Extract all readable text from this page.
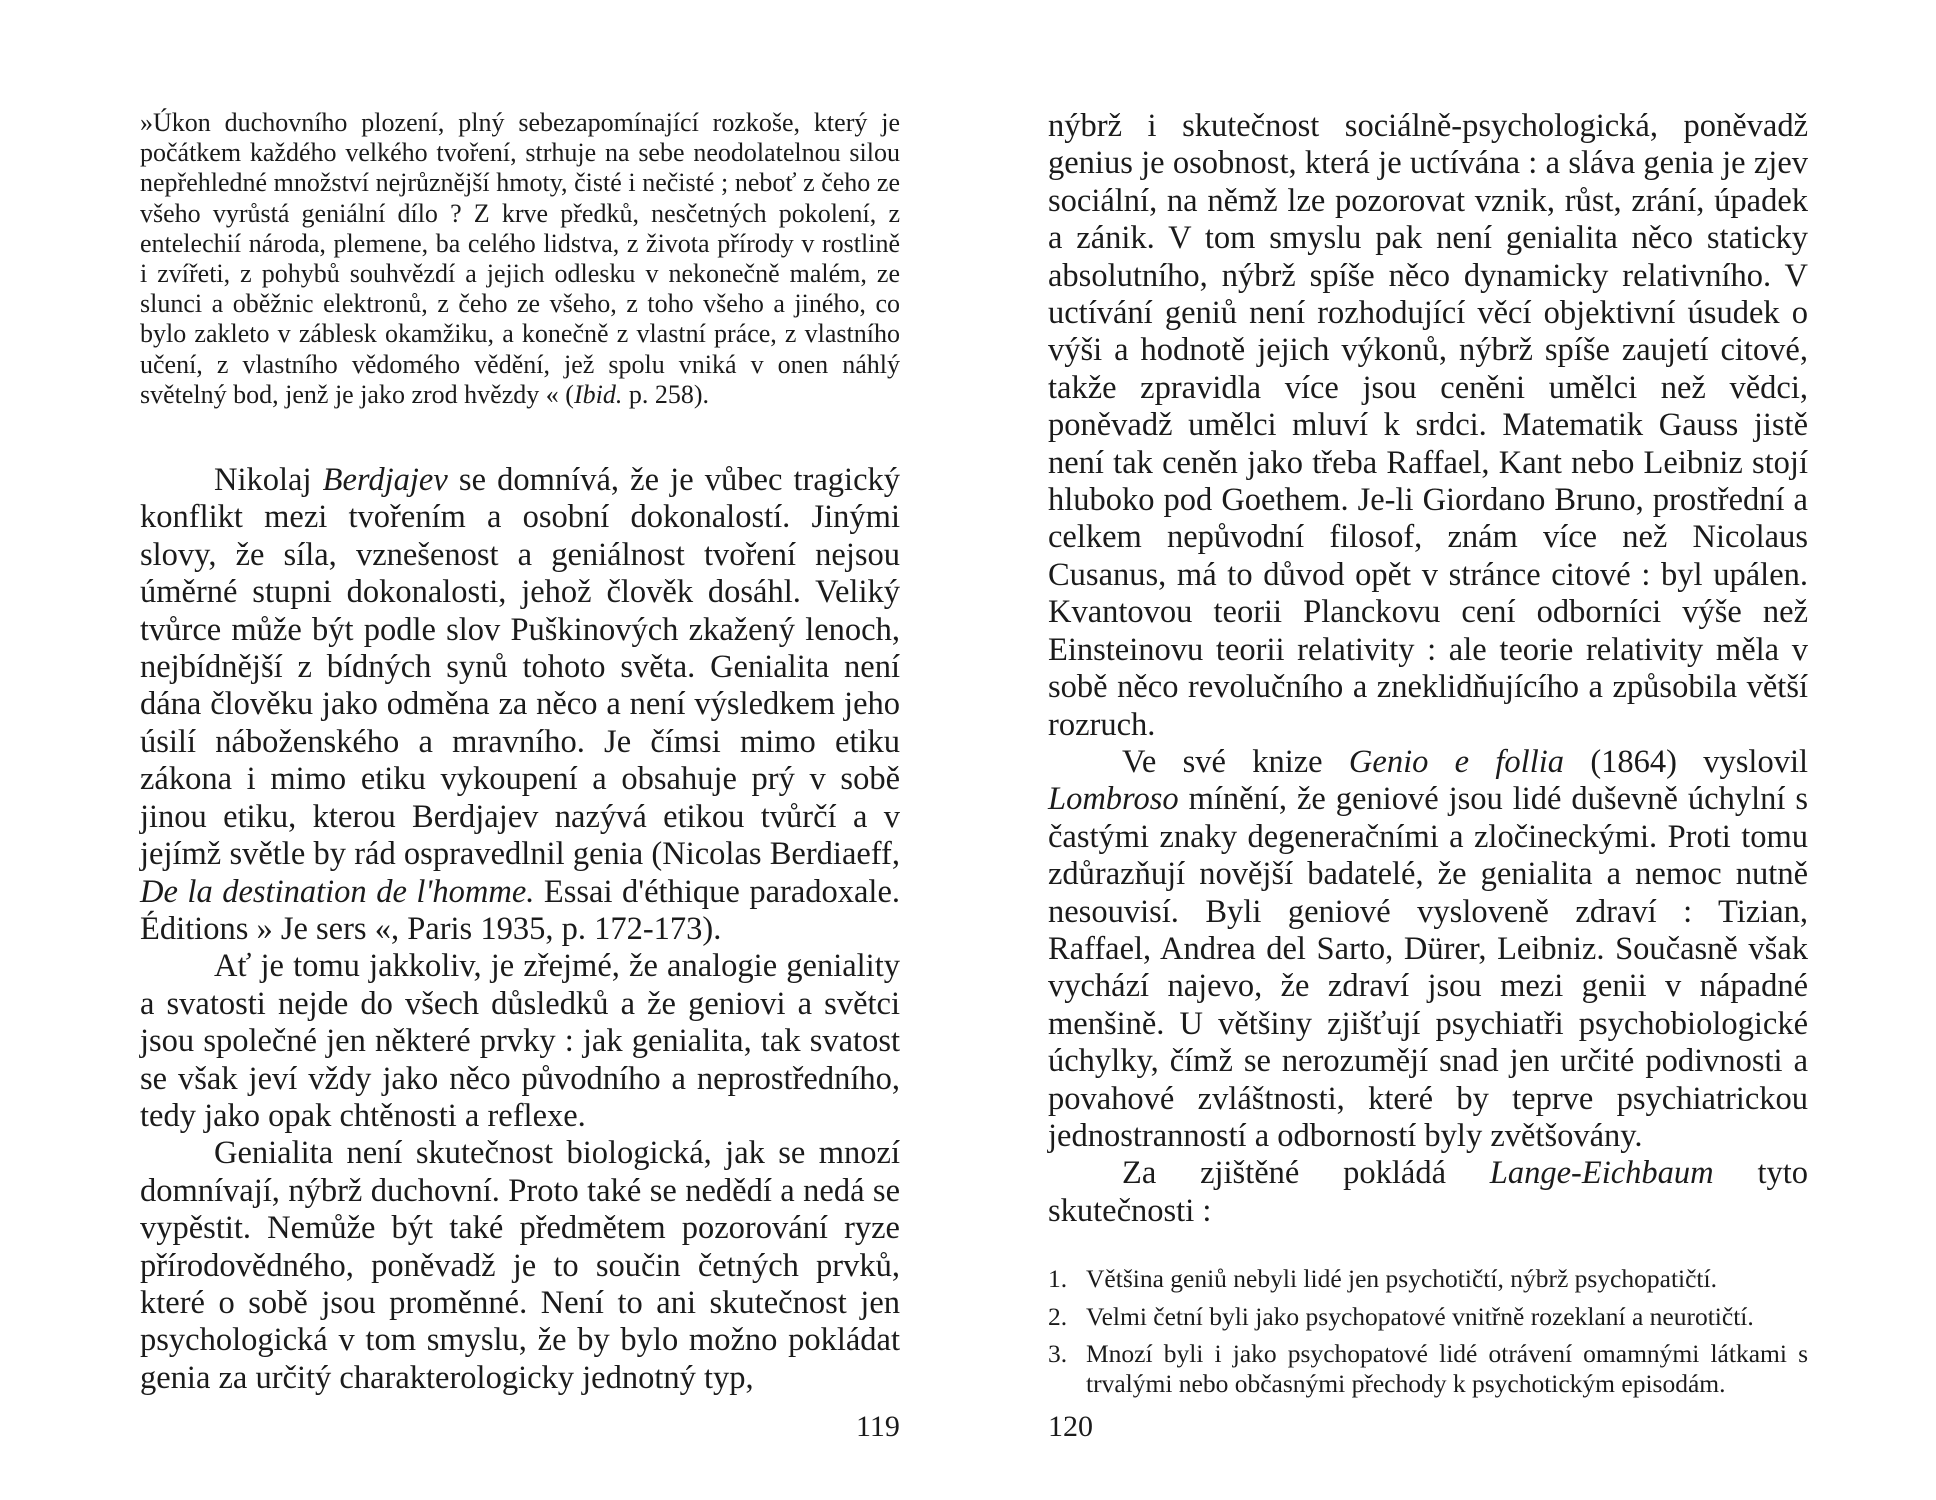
»Úkon duchovního plození, plný sebezapomínající rozkoše, který je počátkem každého velkého tvoření, strhuje na sebe neodolatelnou silou nepřehledné množství nejrůznější hmoty, čisté i nečisté ; neboť z čeho ze všeho vyrůstá geniální dílo ? Z krve předků, nesčetných pokolení, z entelechií národa, plemene, ba celého lidstva, z života přírody v rostlině i zvířeti, z pohybů souhvězdí a jejich odlesku v nekonečně malém, ze slunci a oběžnic elektronů, z čeho ze všeho, z toho všeho a jiného, co bylo zakleto v záblesk okamžiku, a konečně z vlastní práce, z vlastního učení, z vlastního vědomého vědění, jež spolu vniká v onen náhlý světelný bod, jenž je jako zrod hvězdy « (Ibid. p. 258).

Nikolaj Berdjajev se domnívá, že je vůbec tragický konflikt mezi tvořením a osobní dokonalostí. Jinými slovy, že síla, vznešenost a geniálnost tvoření nejsou úměrné stupni dokonalosti, jehož člověk dosáhl. Veliký tvůrce může být podle slov Puškinových zkažený lenoch, nejbídnější z bídných synů tohoto světa. Genialita není dána člověku jako odměna za něco a není výsledkem jeho úsilí náboženského a mravního. Je čímsi mimo etiku zákona i mimo etiku vykoupení a obsahuje prý v sobě jinou etiku, kterou Berdjajev nazývá etikou tvůrčí a v jejímž světle by rád ospravedlnil genia (Nicolas Berdiaeff, De la destination de l'homme. Essai d'éthique paradoxale. Éditions » Je sers «, Paris 1935, p. 172-173).

Ať je tomu jakkoliv, je zřejmé, že analogie geniality a svatosti nejde do všech důsledků a že geniovi a světci jsou společné jen některé prvky : jak genialita, tak svatost se však jeví vždy jako něco původního a neprostředního, tedy jako opak chtěnosti a reflexe.

Genialita není skutečnost biologická, jak se mnozí domnívají, nýbrž duchovní. Proto také se nedědí a nedá se vypěstit. Nemůže být také předmětem pozorování ryze přírodovědného, poněvadž je to součin četných prvků, které o sobě jsou proměnné. Není to ani skutečnost jen psychologická v tom smyslu, že by bylo možno pokládat genia za určitý charakterologicky jednotný typ,

119

nýbrž i skutečnost sociálně-psychologická, poněvadž genius je osobnost, která je uctívána : a sláva genia je zjev sociální, na němž lze pozorovat vznik, růst, zrání, úpadek a zánik. V tom smyslu pak není genialita něco staticky absolutního, nýbrž spíše něco dynamicky relativního. V uctívání geniů není rozhodující věcí objektivní úsudek o výši a hodnotě jejich výkonů, nýbrž spíše zaujetí citové, takže zpravidla více jsou ceněni umělci než vědci, poněvadž umělci mluví k srdci. Matematik Gauss jistě není tak ceněn jako třeba Raffael, Kant nebo Leibniz stojí hluboko pod Goethem. Je-li Giordano Bruno, prostřední a celkem nepůvodní filosof, znám více než Nicolaus Cusanus, má to důvod opět v stránce citové : byl upálen. Kvantovou teorii Planckovu cení odborníci výše než Einsteinovu teorii relativity : ale teorie relativity měla v sobě něco revolučního a zneklidňujícího a způsobila větší rozruch.

Ve své knize Genio e follia (1864) vyslovil Lombroso mínění, že geniové jsou lidé duševně úchylní s častými znaky degeneračními a zločineckými. Proti tomu zdůrazňují novější badatelé, že genialita a nemoc nutně nesouvisí. Byli geniové vysloveně zdraví : Tizian, Raffael, Andrea del Sarto, Dürer, Leibniz. Současně však vychází najevo, že zdraví jsou mezi genii v nápadné menšině. U většiny zjišťují psychiatři psychobiologické úchylky, čímž se nerozumějí snad jen určité podivnosti a povahové zvláštnosti, které by teprve psychiatrickou jednostranností a odborností byly zvětšovány.

Za zjištěné pokládá Lange-Eichbaum tyto skutečnosti :

1. Většina geniů nebyli lidé jen psychotičtí, nýbrž psychopatičtí.
2. Velmi četní byli jako psychopatové vnitřně rozeklaní a neurotičtí.
3. Mnozí byli i jako psychopatové lidé otrávení omamnými látkami s trvalými nebo občasnými přechody k psychotickým episodám.
120
